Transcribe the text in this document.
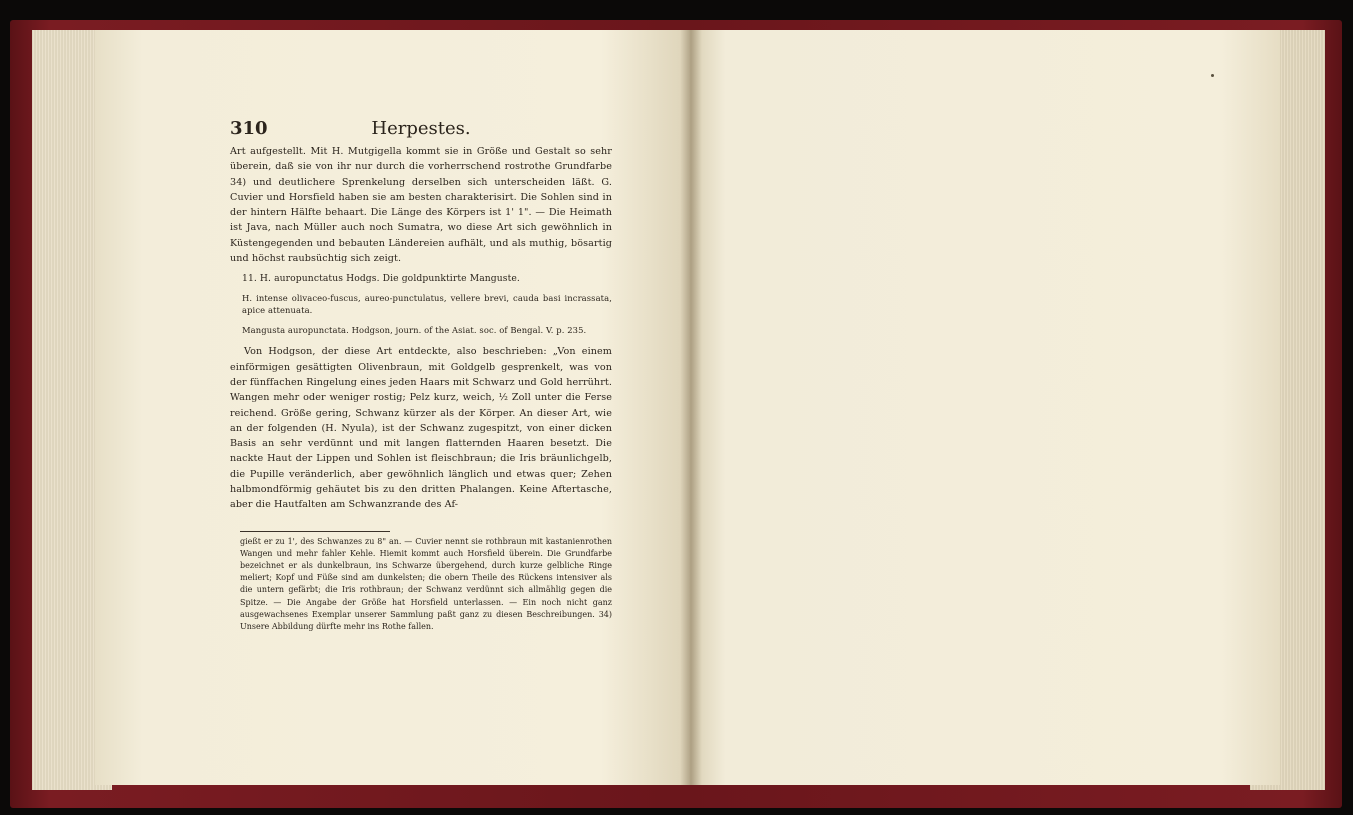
310	Herpestes.

Art aufgestellt. Mit H. Mutgigella kommt sie in Größe und Gestalt so sehr überein, daß sie von ihr nur durch die vorherrschend rostrothe Grundfarbe 34) und deutlichere Sprenkelung derselben sich unterscheiden läßt. G. Cuvier und Horsfield haben sie am besten charakterisirt. Die Sohlen sind in der hintern Hälfte behaart. Die Länge des Körpers ist 1' 1". — Die Heimath ist Java, nach Müller auch noch Sumatra, wo diese Art sich gewöhnlich in Küstengegenden und bebauten Ländereien aufhält, und als muthig, bösartig und höchst raubsüchtig sich zeigt.

11. H. auropunctatus Hodgs. Die goldpunktirte Manguste.
H. intense olivaceo-fuscus, aureo-punctulatus, vellere brevi, cauda basi incrassata, apice attenuata.
Mangusta auropunctata. Hodgson, journ. of the Asiat. soc. of Bengal. V. p. 235.

Von Hodgson, der diese Art entdeckte, also beschrieben: „Von einem einförmigen gesättigten Olivenbraun, mit Goldgelb gesprenkelt, was von der fünffachen Ringelung eines jeden Haars mit Schwarz und Gold herrührt. Wangen mehr oder weniger rostig; Pelz kurz, weich, ½ Zoll unter die Ferse reichend. Größe gering, Schwanz kürzer als der Körper. An dieser Art, wie an der folgenden (H. Nyula), ist der Schwanz zugespitzt, von einer dicken Basis an sehr verdünnt und mit langen flatternden Haaren besetzt. Die nackte Haut der Lippen und Sohlen ist fleischbraun; die Iris bräunlichgelb, die Pupille veränderlich, aber gewöhnlich länglich und etwas quer; Zehen halbmondförmig gehäutet bis zu den dritten Phalangen. Keine Aftertasche, aber die Hautfalten am Schwanzrande des Af-

gießt er zu 1', des Schwanzes zu 8" an. — Cuvier nennt sie rothbraun mit kastanienrothen Wangen und mehr fahler Kehle. Hiemit kommt auch Horsfield überein. Die Grundfarbe bezeichnet er als dunkelbraun, ins Schwarze übergehend, durch kurze gelbliche Ringe meliert; Kopf und Füße sind am dunkelsten; die obern Theile des Rückens intensiver als die untern gefärbt; die Iris rothbraun; der Schwanz verdünnt sich allmählig gegen die Spitze. — Die Angabe der Größe hat Horsfield unterlassen. — Ein noch nicht ganz ausgewachsenes Exemplar unserer Sammlung paßt ganz zu diesen Beschreibungen. 34) Unsere Abbildung dürfte mehr ins Rothe fallen.
